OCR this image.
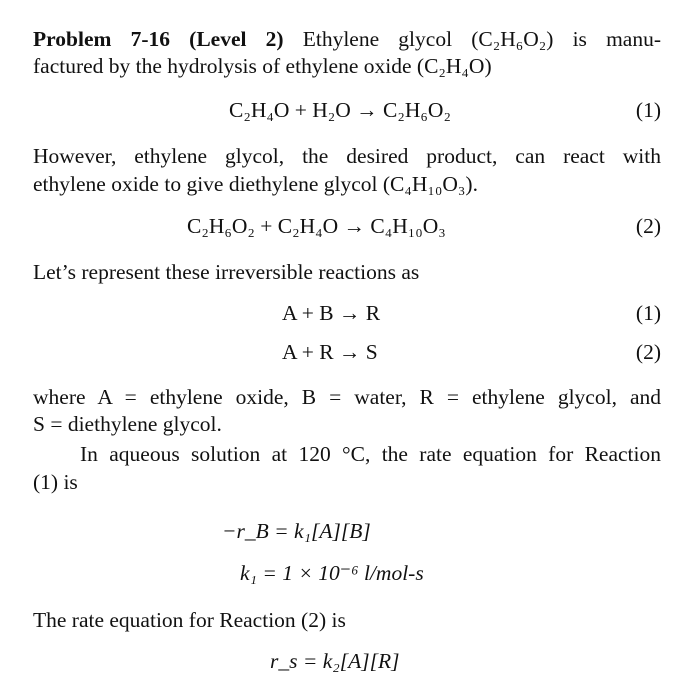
Problem 7-16 (Level 2) Ethylene glycol (C₂H₆O₂) is manu-
factured by the hydrolysis of ethylene oxide (C₂H₄O)
C₂H₄O + H₂O → C₂H₆O₂	(1)
However, ethylene glycol, the desired product, can react with
ethylene oxide to give diethylene glycol (C₄H₁₀O₃).
C₂H₆O₂ + C₂H₄O → C₄H₁₀O₃	(2)
Let’s represent these irreversible reactions as
A + B → R	(1)
A + R → S	(2)
where A = ethylene oxide, B = water, R = ethylene glycol, and
S = diethylene glycol.
In aqueous solution at 120 °C, the rate equation for Reaction
(1) is
−r_B = k₁[A][B]
k₁ = 1 × 10⁻⁶ l/mol-s
The rate equation for Reaction (2) is
r_s = k₂[A][R]
